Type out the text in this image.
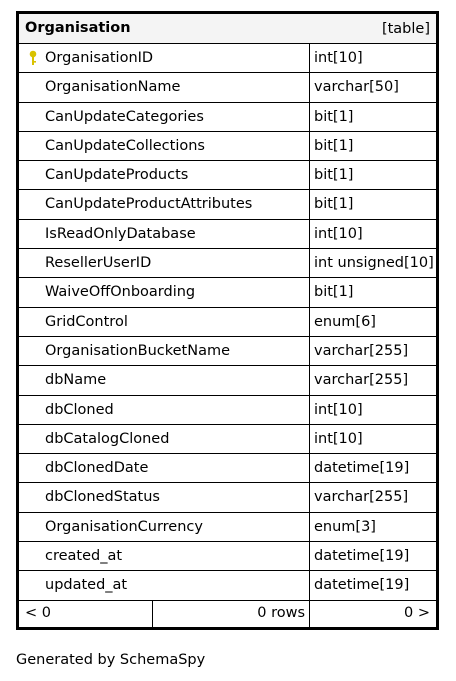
Organisation	[table]
OrganisationID	int[10]
OrganisationName	varchar[50]
CanUpdateCategories	bit[1]
CanUpdateCollections	bit[1]
CanUpdateProducts	bit[1]
CanUpdateProductAttributes	bit[1]
IsReadOnlyDatabase	int[10]
ResellerUserID	int unsigned[10]
WaiveOffOnboarding	bit[1]
GridControl	enum[6]
OrganisationBucketName	varchar[255]
dbName	varchar[255]
dbCloned	int[10]
dbCatalogCloned	int[10]
dbClonedDate	datetime[19]
dbClonedStatus	varchar[255]
OrganisationCurrency	enum[3]
created_at	datetime[19]
updated_at	datetime[19]
< 0	0 rows	0 >
Generated by SchemaSpy
